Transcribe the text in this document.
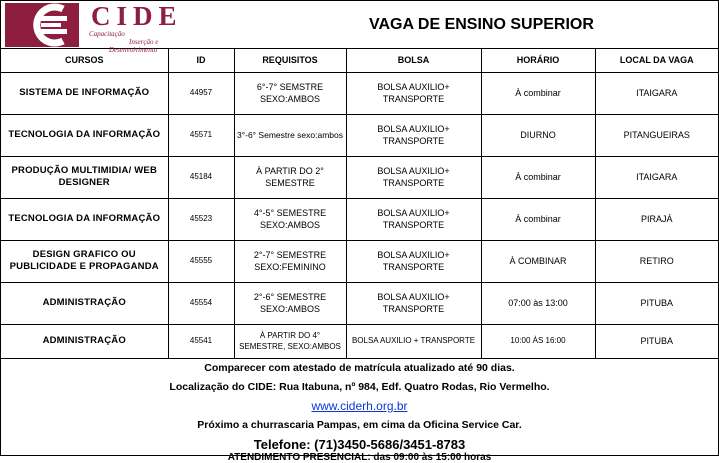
CIDE
Capacitação
Inserção e
Desenvolvimento
VAGA DE ENSINO SUPERIOR
CURSOS	ID	REQUISITOS	BOLSA	HORÁRIO	LOCAL DA VAGA
SISTEMA DE INFORMAÇÃO	44957	6°-7° SEMSTRE SEXO:AMBOS	BOLSA AUXILIO+ TRANSPORTE	À combinar	ITAIGARA
TECNOLOGIA DA INFORMAÇÃO	45571	3°-6° Semestre sexo:ambos	BOLSA AUXILIO+ TRANSPORTE	DIURNO	PITANGUEIRAS
PRODUÇÃO MULTIMIDIA/ WEB DESIGNER	45184	À PARTIR DO 2° SEMESTRE	BOLSA AUXILIO+ TRANSPORTE	À combinar	ITAIGARA
TECNOLOGIA DA INFORMAÇÃO	45523	4°-5° SEMESTRE SEXO:AMBOS	BOLSA AUXILIO+ TRANSPORTE	À combinar	PIRAJÁ
DESIGN GRAFICO OU PUBLICIDADE E PROPAGANDA	45555	2°-7° SEMESTRE SEXO:FEMININO	BOLSA AUXILIO+ TRANSPORTE	À COMBINAR	RETIRO
ADMINISTRAÇÃO	45554	2°-6° SEMESTRE SEXO:AMBOS	BOLSA AUXILIO+ TRANSPORTE	07:00 às 13:00	PITUBA
ADMINISTRAÇÃO	45541	À PARTIR DO 4° SEMESTRE, SEXO:AMBOS	BOLSA AUXILIO + TRANSPORTE	10:00 ÀS 16:00	PITUBA
Comparecer com atestado de matrícula atualizado até 90 dias.
Localização do CIDE: Rua Itabuna, nº 984, Edf. Quatro Rodas, Rio Vermelho.
www.ciderh.org.br
Próximo a churrascaria Pampas, em cima da Oficina Service Car.
Telefone: (71)3450-5686/3451-8783
ATENDIMENTO PRESENCIAL: das 09:00 às 15:00 horas
